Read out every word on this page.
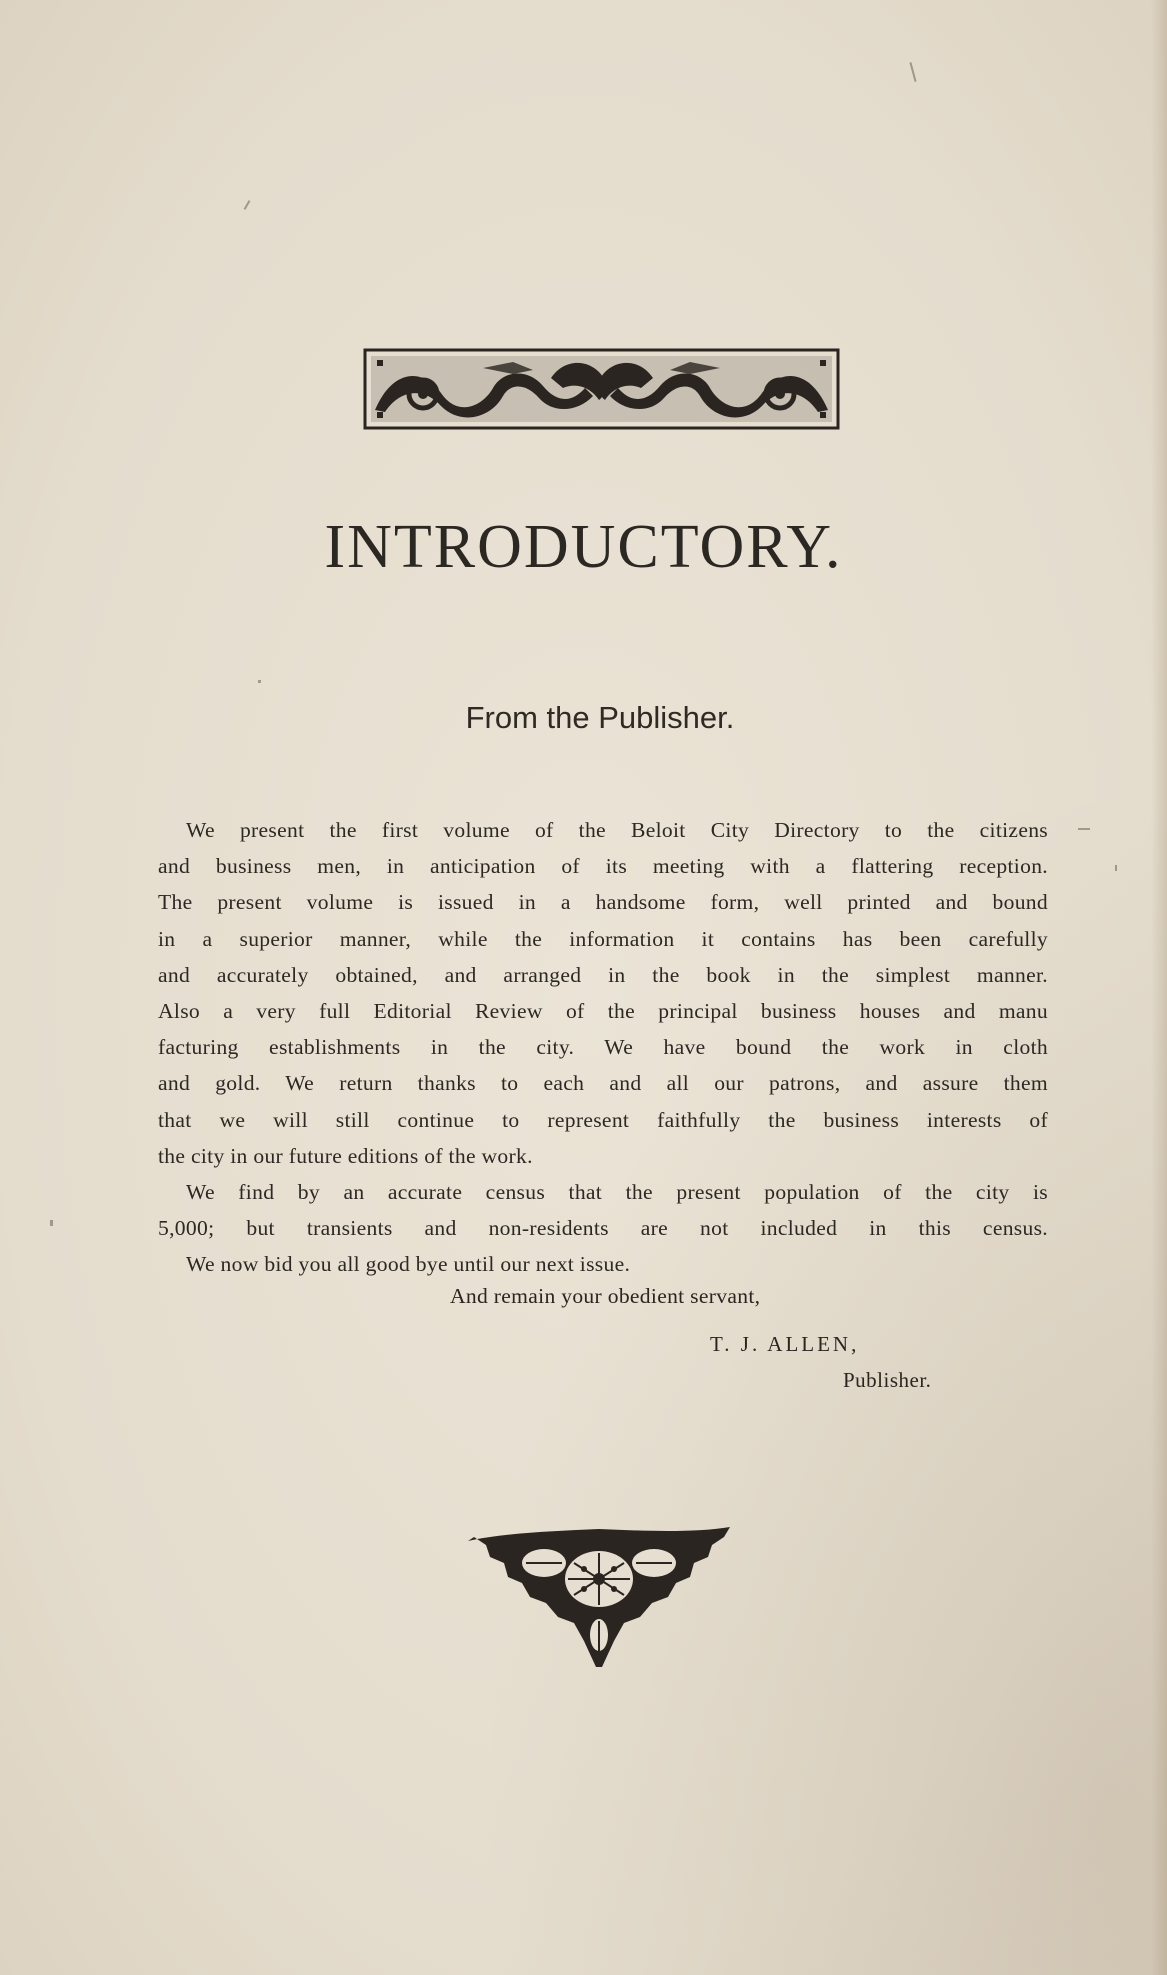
INTRODUCTORY.
From the Publisher.
We present the first volume of the Beloit City Directory to the citizens
and business men, in anticipation of its meeting with a flattering reception.
The present volume is issued in a handsome form, well printed and bound
in a superior manner, while the information it contains has been carefully
and accurately obtained, and arranged in the book in the simplest manner.
Also a very full Editorial Review of the principal business houses and manu
facturing establishments in the city. We have bound the work in cloth
and gold. We return thanks to each and all our patrons, and assure them
that we will still continue to represent faithfully the business interests of
the city in our future editions of the work.
We find by an accurate census that the present population of the city is
5,000; but transients and non-residents are not included in this census.
We now bid you all good bye until our next issue.
And remain your obedient servant,
T. J. ALLEN,
Publisher.
